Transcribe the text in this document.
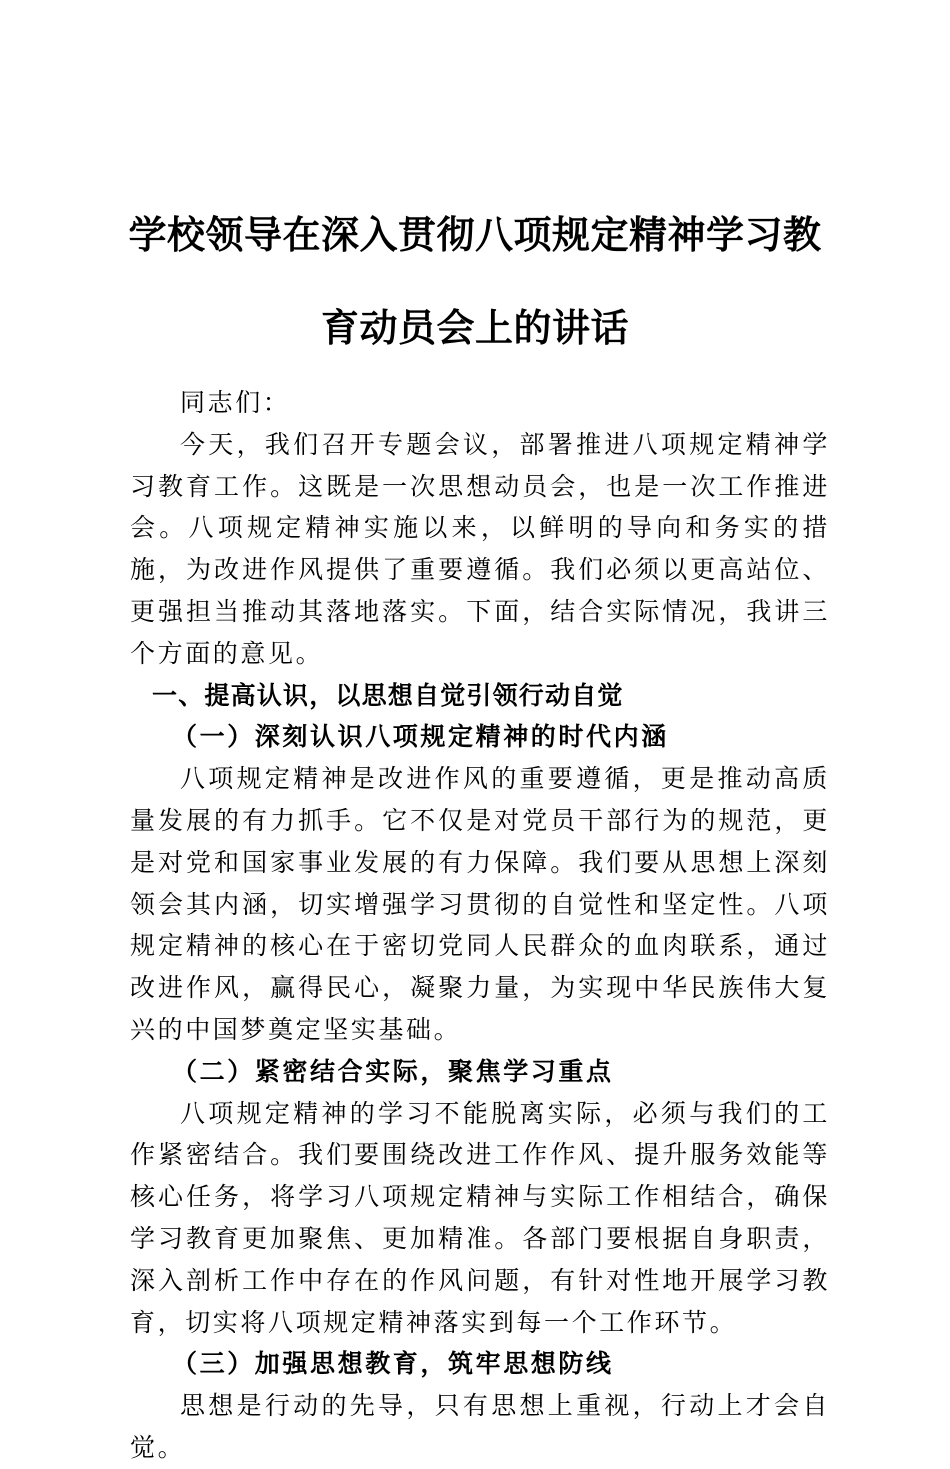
学校领导在深入贯彻八项规定精神学习教育动员会上的讲话

同志们：

今天，我们召开专题会议，部署推进八项规定精神学习教育工作。这既是一次思想动员会，也是一次工作推进会。八项规定精神实施以来，以鲜明的导向和务实的措施，为改进作风提供了重要遵循。我们必须以更高站位、更强担当推动其落地落实。下面，结合实际情况，我讲三个方面的意见。

一、提高认识，以思想自觉引领行动自觉

（一）深刻认识八项规定精神的时代内涵

八项规定精神是改进作风的重要遵循，更是推动高质量发展的有力抓手。它不仅是对党员干部行为的规范，更是对党和国家事业发展的有力保障。我们要从思想上深刻领会其内涵，切实增强学习贯彻的自觉性和坚定性。八项规定精神的核心在于密切党同人民群众的血肉联系，通过改进作风，赢得民心，凝聚力量，为实现中华民族伟大复兴的中国梦奠定坚实基础。

（二）紧密结合实际，聚焦学习重点

八项规定精神的学习不能脱离实际，必须与我们的工作紧密结合。我们要围绕改进工作作风、提升服务效能等核心任务，将学习八项规定精神与实际工作相结合，确保学习教育更加聚焦、更加精准。各部门要根据自身职责，深入剖析工作中存在的作风问题，有针对性地开展学习教育，切实将八项规定精神落实到每一个工作环节。

（三）加强思想教育，筑牢思想防线

思想是行动的先导，只有思想上重视，行动上才会自觉。
